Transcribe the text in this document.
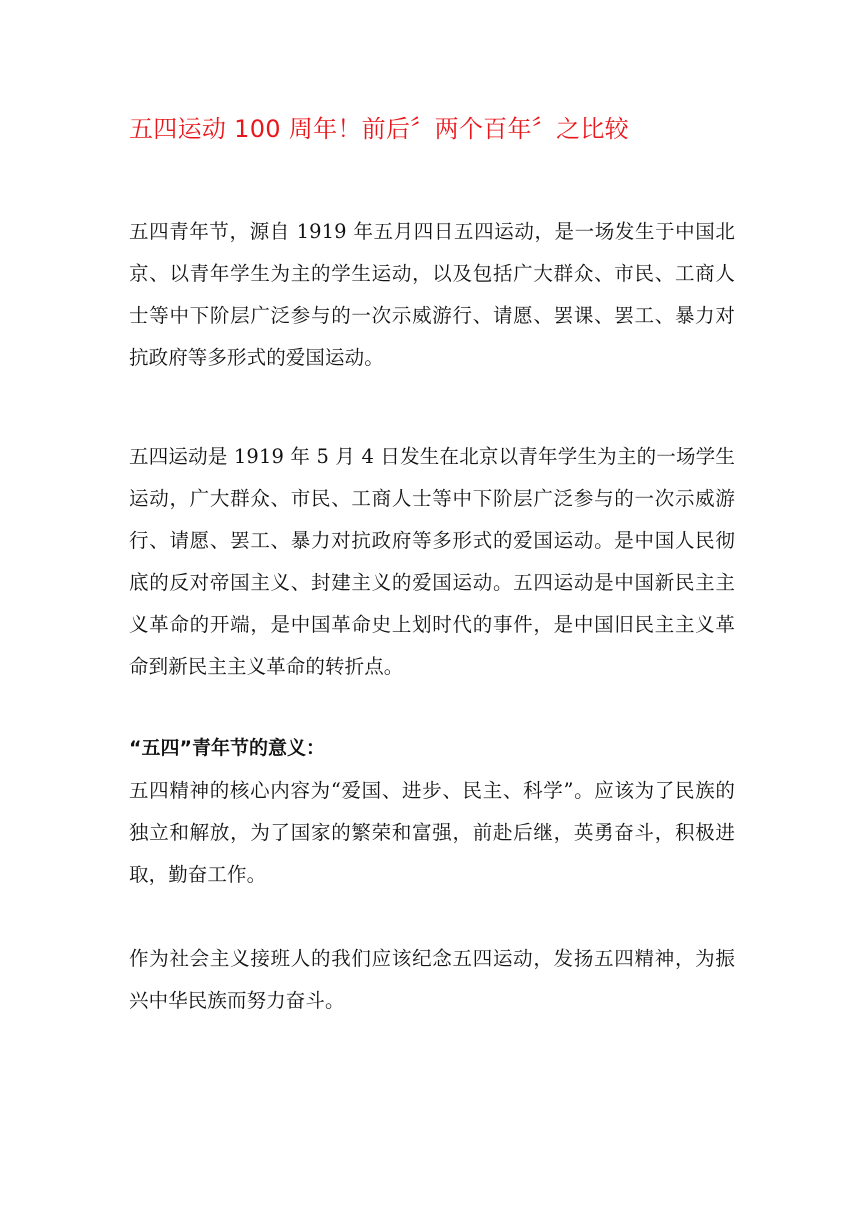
五四运动 100 周年！前后〞两个百年〞之比较
五四青年节，源自 1919 年五月四日五四运动，是一场发生于中国北京、以青年学生为主的学生运动，以及包括广大群众、市民、工商人士等中下阶层广泛参与的一次示威游行、请愿、罢课、罢工、暴力对抗政府等多形式的爱国运动。
五四运动是 1919 年 5 月 4 日发生在北京以青年学生为主的一场学生运动，广大群众、市民、工商人士等中下阶层广泛参与的一次示威游行、请愿、罢工、暴力对抗政府等多形式的爱国运动。是中国人民彻底的反对帝国主义、封建主义的爱国运动。五四运动是中国新民主主义革命的开端，是中国革命史上划时代的事件，是中国旧民主主义革命到新民主主义革命的转折点。
“五四”青年节的意义：
五四精神的核心内容为“爱国、进步、民主、科学”。应该为了民族的独立和解放，为了国家的繁荣和富强，前赴后继，英勇奋斗，积极进取，勤奋工作。
作为社会主义接班人的我们应该纪念五四运动，发扬五四精神，为振兴中华民族而努力奋斗。
